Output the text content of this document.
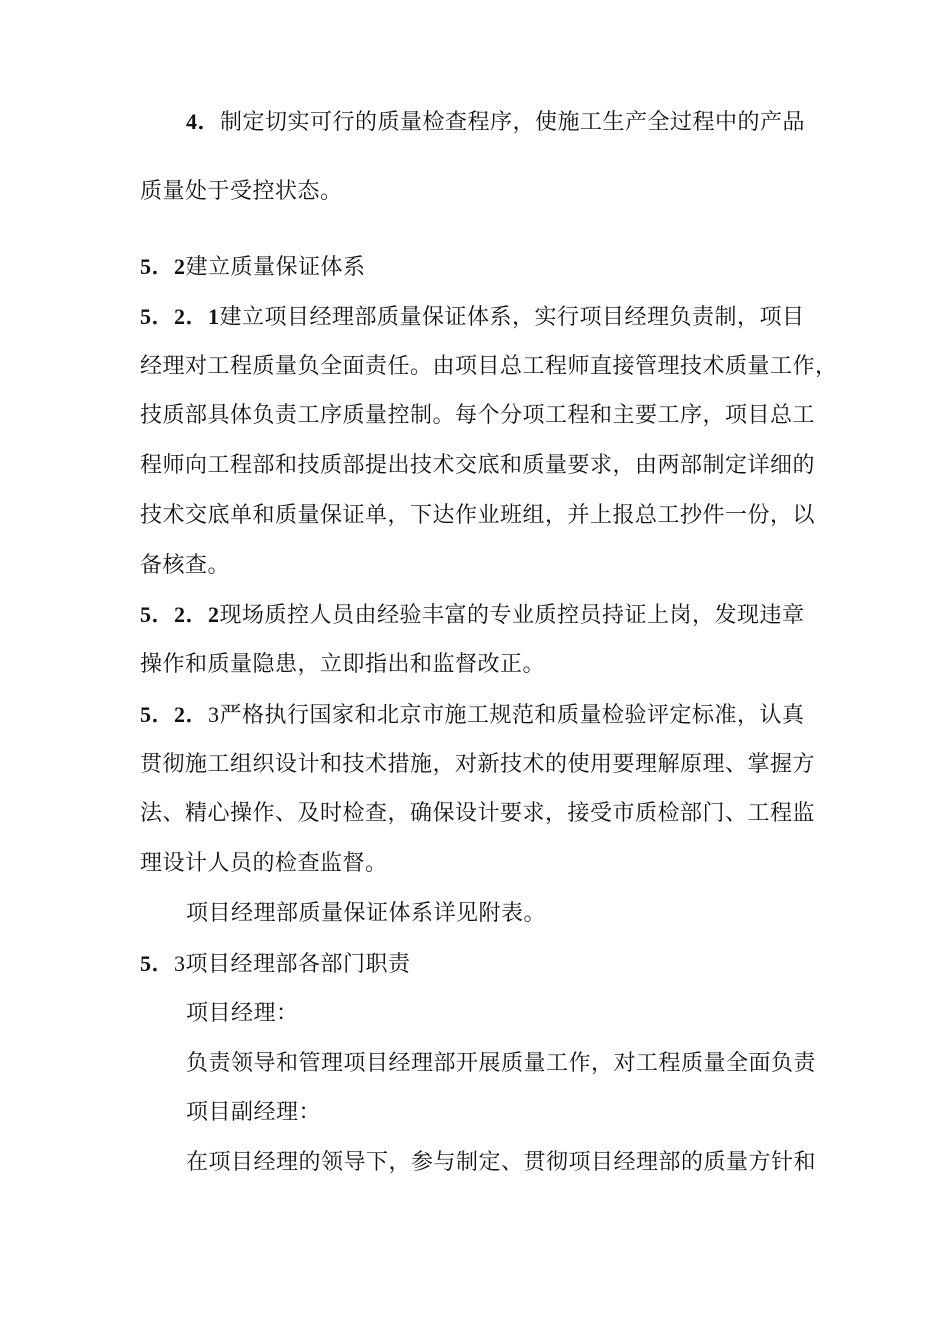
4．制定切实可行的质量检查程序，使施工生产全过程中的产品
质量处于受控状态。
5．2建立质量保证体系
5．2．1建立项目经理部质量保证体系，实行项目经理负责制，项目
经理对工程质量负全面责任。由项目总工程师直接管理技术质量工作，
技质部具体负责工序质量控制。每个分项工程和主要工序，项目总工
程师向工程部和技质部提出技术交底和质量要求，由两部制定详细的
技术交底单和质量保证单，下达作业班组，并上报总工抄件一份，以
备核查。
5．2．2现场质控人员由经验丰富的专业质控员持证上岗，发现违章
操作和质量隐患，立即指出和监督改正。
5．2．3严格执行国家和北京市施工规范和质量检验评定标准，认真
贯彻施工组织设计和技术措施，对新技术的使用要理解原理、掌握方
法、精心操作、及时检查，确保设计要求，接受市质检部门、工程监
理设计人员的检查监督。
项目经理部质量保证体系详见附表。
5．3项目经理部各部门职责
项目经理：
负责领导和管理项目经理部开展质量工作，对工程质量全面负责
项目副经理：
在项目经理的领导下，参与制定、贯彻项目经理部的质量方针和
